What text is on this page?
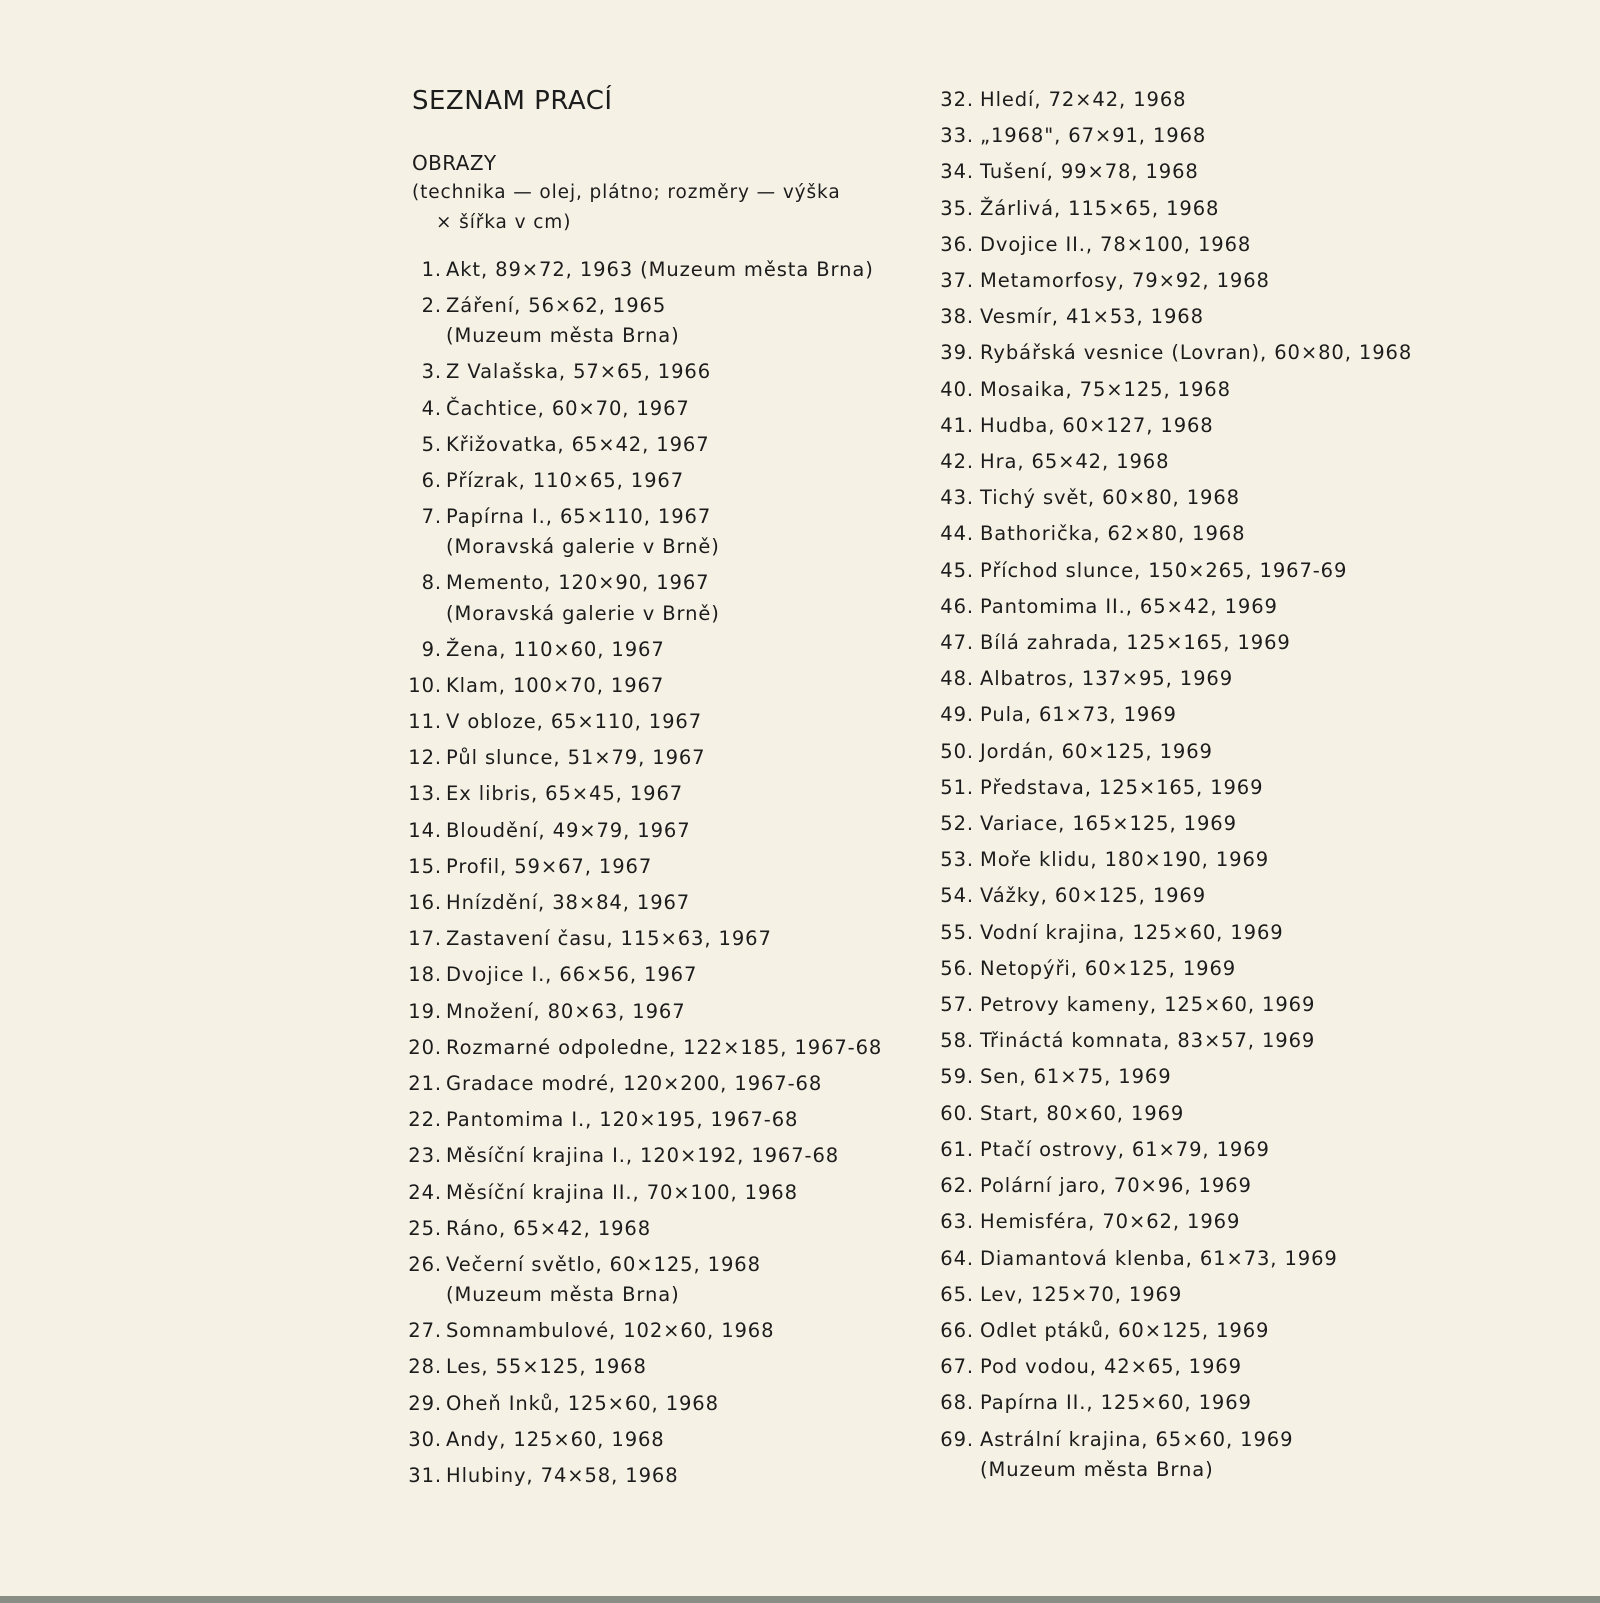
SEZNAM PRACÍ
OBRAZY
(technika — olej, plátno; rozměry — výška
× šířka v cm)
1. Akt, 89×72, 1963 (Muzeum města Brna)
2. Záření, 56×62, 1965
(Muzeum města Brna)
3. Z Valašska, 57×65, 1966
4. Čachtice, 60×70, 1967
5. Křižovatka, 65×42, 1967
6. Přízrak, 110×65, 1967
7. Papírna I., 65×110, 1967
(Moravská galerie v Brně)
8. Memento, 120×90, 1967
(Moravská galerie v Brně)
9. Žena, 110×60, 1967
10. Klam, 100×70, 1967
11. V obloze, 65×110, 1967
12. Půl slunce, 51×79, 1967
13. Ex libris, 65×45, 1967
14. Bloudění, 49×79, 1967
15. Profil, 59×67, 1967
16. Hnízdění, 38×84, 1967
17. Zastavení času, 115×63, 1967
18. Dvojice I., 66×56, 1967
19. Množení, 80×63, 1967
20. Rozmarné odpoledne, 122×185, 1967-68
21. Gradace modré, 120×200, 1967-68
22. Pantomima I., 120×195, 1967-68
23. Měsíční krajina I., 120×192, 1967-68
24. Měsíční krajina II., 70×100, 1968
25. Ráno, 65×42, 1968
26. Večerní světlo, 60×125, 1968
(Muzeum města Brna)
27. Somnambulové, 102×60, 1968
28. Les, 55×125, 1968
29. Oheň Inků, 125×60, 1968
30. Andy, 125×60, 1968
31. Hlubiny, 74×58, 1968
32. Hledí, 72×42, 1968
33. „1968", 67×91, 1968
34. Tušení, 99×78, 1968
35. Žárlivá, 115×65, 1968
36. Dvojice II., 78×100, 1968
37. Metamorfosy, 79×92, 1968
38. Vesmír, 41×53, 1968
39. Rybářská vesnice (Lovran), 60×80, 1968
40. Mosaika, 75×125, 1968
41. Hudba, 60×127, 1968
42. Hra, 65×42, 1968
43. Tichý svět, 60×80, 1968
44. Bathorička, 62×80, 1968
45. Příchod slunce, 150×265, 1967-69
46. Pantomima II., 65×42, 1969
47. Bílá zahrada, 125×165, 1969
48. Albatros, 137×95, 1969
49. Pula, 61×73, 1969
50. Jordán, 60×125, 1969
51. Představa, 125×165, 1969
52. Variace, 165×125, 1969
53. Moře klidu, 180×190, 1969
54. Vážky, 60×125, 1969
55. Vodní krajina, 125×60, 1969
56. Netopýři, 60×125, 1969
57. Petrovy kameny, 125×60, 1969
58. Třináctá komnata, 83×57, 1969
59. Sen, 61×75, 1969
60. Start, 80×60, 1969
61. Ptačí ostrovy, 61×79, 1969
62. Polární jaro, 70×96, 1969
63. Hemisféra, 70×62, 1969
64. Diamantová klenba, 61×73, 1969
65. Lev, 125×70, 1969
66. Odlet ptáků, 60×125, 1969
67. Pod vodou, 42×65, 1969
68. Papírna II., 125×60, 1969
69. Astrální krajina, 65×60, 1969
(Muzeum města Brna)
